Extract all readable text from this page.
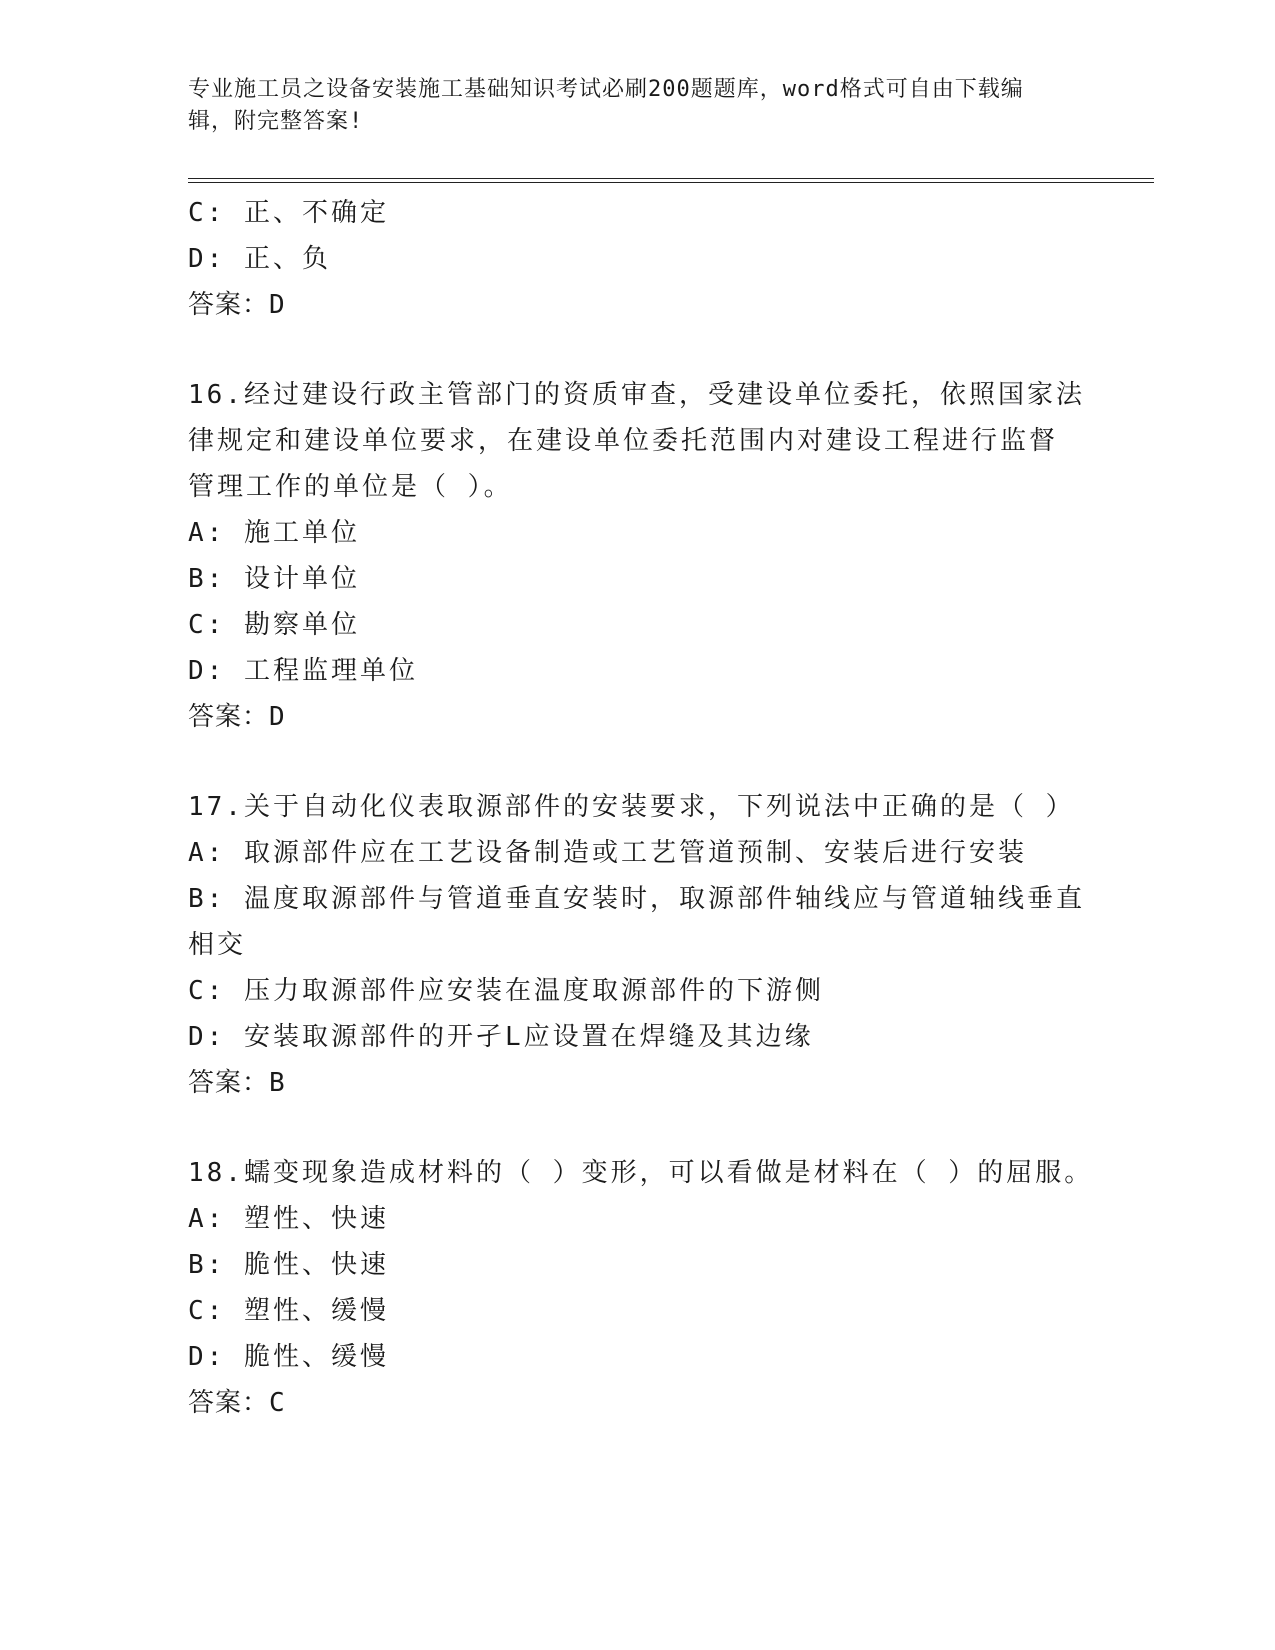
专业施工员之设备安装施工基础知识考试必刷200题题库，word格式可自由下载编辑，附完整答案!

C: 正、不确定
D: 正、负
答案：D
16.经过建设行政主管部门的资质审查，受建设单位委托，依照国家法
律规定和建设单位要求，在建设单位委托范围内对建设工程进行监督
管理工作的单位是（ ）。
A: 施工单位
B: 设计单位
C: 勘察单位
D: 工程监理单位
答案：D
17.关于自动化仪表取源部件的安装要求，下列说法中正确的是（ ）
A: 取源部件应在工艺设备制造或工艺管道预制、安装后进行安装
B: 温度取源部件与管道垂直安装时，取源部件轴线应与管道轴线垂直
相交
C: 压力取源部件应安装在温度取源部件的下游侧
D: 安装取源部件的开孑L应设置在焊缝及其边缘
答案：B
18.蠕变现象造成材料的（ ）变形，可以看做是材料在（ ）的屈服。
A: 塑性、快速
B: 脆性、快速
C: 塑性、缓慢
D: 脆性、缓慢
答案：C
